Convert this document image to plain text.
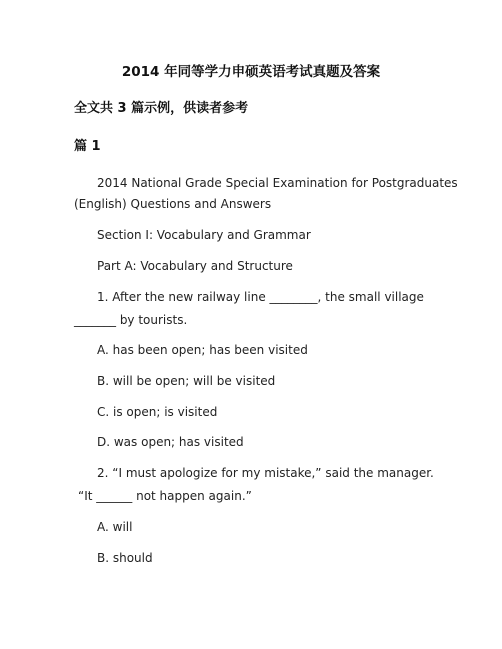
2014 年同等学力申硕英语考试真题及答案
全文共 3 篇示例，供读者参考
篇 1
2014 National Grade Special Examination for Postgraduates
(English) Questions and Answers
Section I: Vocabulary and Grammar
Part A: Vocabulary and Structure
1. After the new railway line ________, the small village
_______ by tourists.
A. has been open; has been visited
B. will be open; will be visited
C. is open; is visited
D. was open; has visited
2. “I must apologize for my mistake,” said the manager.
“It ______ not happen again.”
A. will
B. should
